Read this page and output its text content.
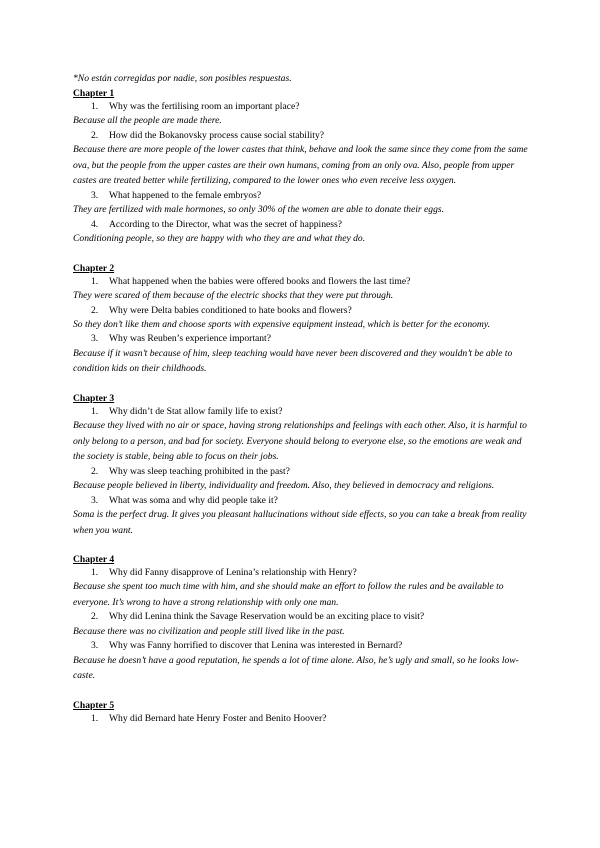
*No están corregidas por nadie, son posibles respuestas.
Chapter 1
1. Why was the fertilising room an important place?
Because all the people are made there.
2. How did the Bokanovsky process cause social stability?
Because there are more people of the lower castes that think, behave and look the same since they come from the same ova, but the people from the upper castes are their own humans, coming from an only ova. Also, people from upper castes are treated better while fertilizing, compared to the lower ones who even receive less oxygen.
3. What happened to the female embryos?
They are fertilized with male hormones, so only 30% of the women are able to donate their eggs.
4. According to the Director, what was the secret of happiness?
Conditioning people, so they are happy with who they are and what they do.
Chapter 2
1. What happened when the babies were offered books and flowers the last time?
They were scared of them because of the electric shocks that they were put through.
2. Why were Delta babies conditioned to hate books and flowers?
So they don’t like them and choose sports with expensive equipment instead, which is better for the economy.
3. Why was Reuben’s experience important?
Because if it wasn’t because of him, sleep teaching would have never been discovered and they wouldn’t be able to condition kids on their childhoods.
Chapter 3
1. Why didn’t de Stat allow family life to exist?
Because they lived with no air or space, having strong relationships and feelings with each other. Also, it is harmful to only belong to a person, and bad for society. Everyone should belong to everyone else, so the emotions are weak and the society is stable, being able to focus on their jobs.
2. Why was sleep teaching prohibited in the past?
Because people believed in liberty, individuality and freedom. Also, they believed in democracy and religions.
3. What was soma and why did people take it?
Soma is the perfect drug. It gives you pleasant hallucinations without side effects, so you can take a break from reality when you want.
Chapter 4
1. Why did Fanny disapprove of Lenina’s relationship with Henry?
Because she spent too much time with him, and she should make an effort to follow the rules and be available to everyone. It’s wrong to have a strong relationship with only one man.
2. Why did Lenina think the Savage Reservation would be an exciting place to visit?
Because there was no civilization and people still lived like in the past.
3. Why was Fanny horrified to discover that Lenina was interested in Bernard?
Because he doesn’t have a good reputation, he spends a lot of time alone. Also, he’s ugly and small, so he looks low-caste.
Chapter 5
1. Why did Bernard hate Henry Foster and Benito Hoover?
